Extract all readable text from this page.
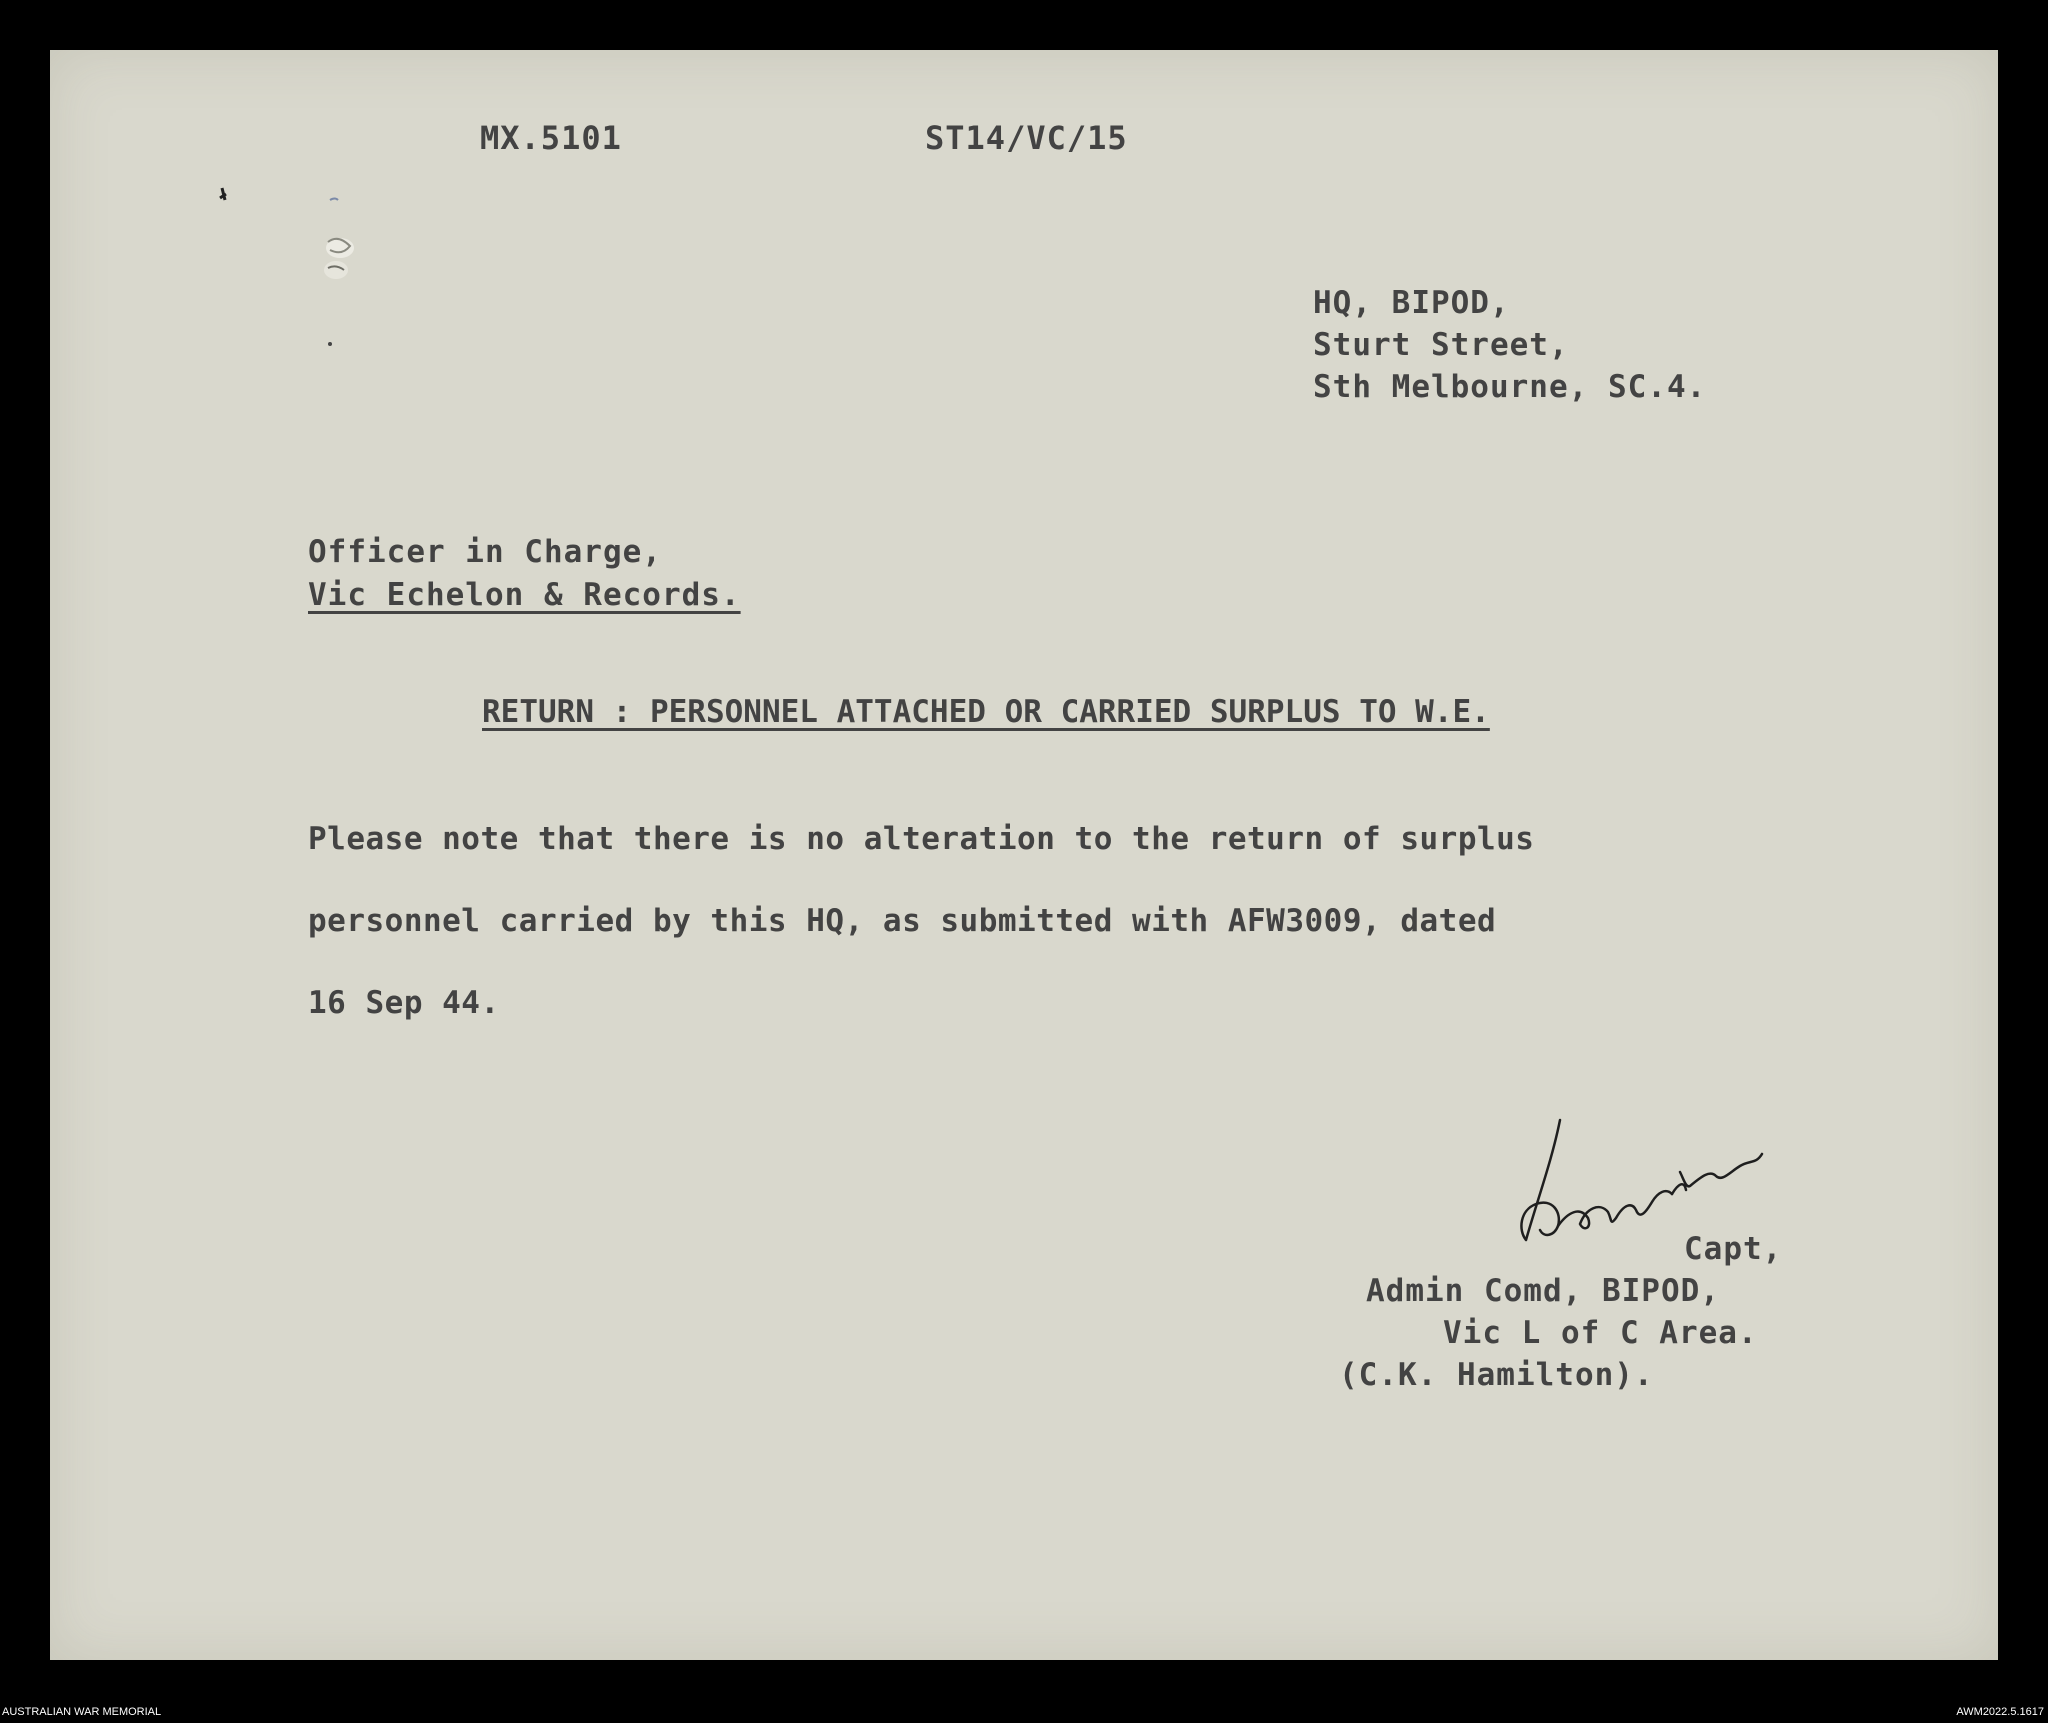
MX.5101	ST14/VC/15
HQ, BIPOD,
Sturt Street,
Sth Melbourne, SC.4.
Officer in Charge,
Vic Echelon & Records.
RETURN : PERSONNEL ATTACHED OR CARRIED SURPLUS TO W.E.
Please note that there is no alteration to the return of surplus
personnel carried by this HQ, as submitted with AFW3009, dated
16 Sep 44.
Capt,
Admin Comd, BIPOD,
Vic L of C Area.
(C.K. Hamilton).
AUSTRALIAN WAR MEMORIAL	AWM2022.5.1617
